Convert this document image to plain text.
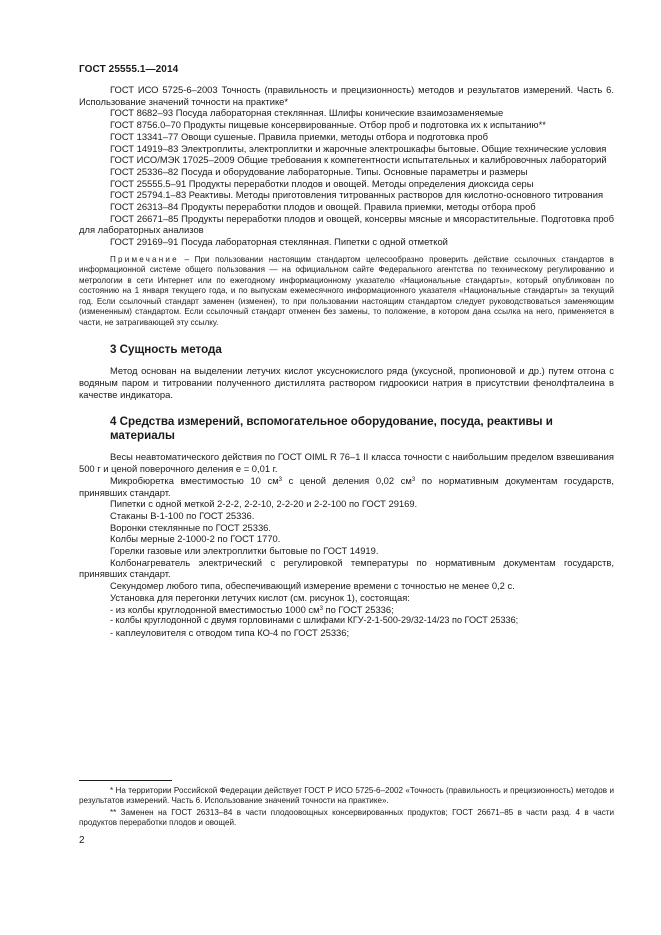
ГОСТ 25555.1—2014

ГОСТ ИСО 5725-6–2003 Точность (правильность и прецизионность) методов и результатов измерений. Часть 6. Использование значений точности на практике*

ГОСТ 8682–93 Посуда лабораторная стеклянная. Шлифы конические взаимозаменяемые

ГОСТ 8756.0–70 Продукты пищевые консервированные. Отбор проб и подготовка их к испытанию**

ГОСТ 13341–77 Овощи сушеные. Правила приемки, методы отбора и подготовка проб

ГОСТ 14919–83 Электроплиты, электроплитки и жарочные электрошкафы бытовые. Общие технические условия

ГОСТ ИСО/МЭК 17025–2009 Общие требования к компетентности испытательных и калибровочных лабораторий

ГОСТ 25336–82 Посуда и оборудование лабораторные. Типы. Основные параметры и размеры

ГОСТ 25555.5–91 Продукты переработки плодов и овощей. Методы определения диоксида серы

ГОСТ 25794.1–83 Реактивы. Методы приготовления титрованных растворов для кислотно-основного титрования

ГОСТ 26313–84 Продукты переработки плодов и овощей. Правила приемки, методы отбора проб

ГОСТ 26671–85 Продукты переработки плодов и овощей, консервы мясные и мясорастительные. Подготовка проб для лабораторных анализов

ГОСТ 29169–91 Посуда лабораторная стеклянная. Пипетки с одной отметкой

Примечание – При пользовании настоящим стандартом целесообразно проверить действие ссылочных стандартов в информационной системе общего пользования — на официальном сайте Федерального агентства по техническому регулированию и метрологии в сети Интернет или по ежегодному информационному указателю «Национальные стандарты», который опубликован по состоянию на 1 января текущего года, и по выпускам ежемесячного информационного указателя «Национальные стандарты» за текущий год. Если ссылочный стандарт заменен (изменен), то при пользовании настоящим стандартом следует руководствоваться заменяющим (измененным) стандартом. Если ссылочный стандарт отменен без замены, то положение, в котором дана ссылка на него, применяется в части, не затрагивающей эту ссылку.
3 Сущность метода

Метод основан на выделении летучих кислот уксуснокислого ряда (уксусной, пропионовой и др.) путем отгона с водяным паром и титровании полученного дистиллята раствором гидроокиси натрия в присутствии фенолфталеина в качестве индикатора.

4 Средства измерений, вспомогательное оборудование, посуда, реактивы и материалы

Весы неавтоматического действия по ГОСТ OIML R 76–1 II класса точности с наибольшим пределом взвешивания 500 г и ценой поверочного деления e = 0,01 г.

Микробюретка вместимостью 10 $см^3$ с ценой деления 0,02 $см^3$ по нормативным документам государств, принявших стандарт.

Пипетки с одной меткой 2-2-2, 2-2-10, 2-2-20 и 2-2-100 по ГОСТ 29169.

Стаканы В-1-100 по ГОСТ 25336.

Воронки стеклянные по ГОСТ 25336.

Колбы мерные 2-1000-2 по ГОСТ 1770.

Горелки газовые или электроплитки бытовые по ГОСТ 14919.

Колбонагреватель электрический с регулировкой температуры по нормативным документам государств, принявших стандарт.

Секундомер любого типа, обеспечивающий измерение времени с точностью не менее 0,2 с.

Установка для перегонки летучих кислот (см. рисунок 1), состоящая:

- из колбы круглодонной вместимостью 1000 $см^3$ по ГОСТ 25336;

- колбы круглодонной с двумя горловинами с шлифами КГУ-2-1-500-29/32-14/23 по ГОСТ 25336;

- каплеуловителя с отводом типа КО-4 по ГОСТ 25336;

* На территории Российской Федерации действует ГОСТ Р ИСО 5725-6–2002 «Точность (правильность и прецизионность) методов и результатов измерений. Часть 6. Использование значений точности на практике».

** Заменен на ГОСТ 26313–84 в части плодоовощных консервированных продуктов; ГОСТ 26671–85 в части разд. 4 в части продуктов переработки плодов и овощей.

2
